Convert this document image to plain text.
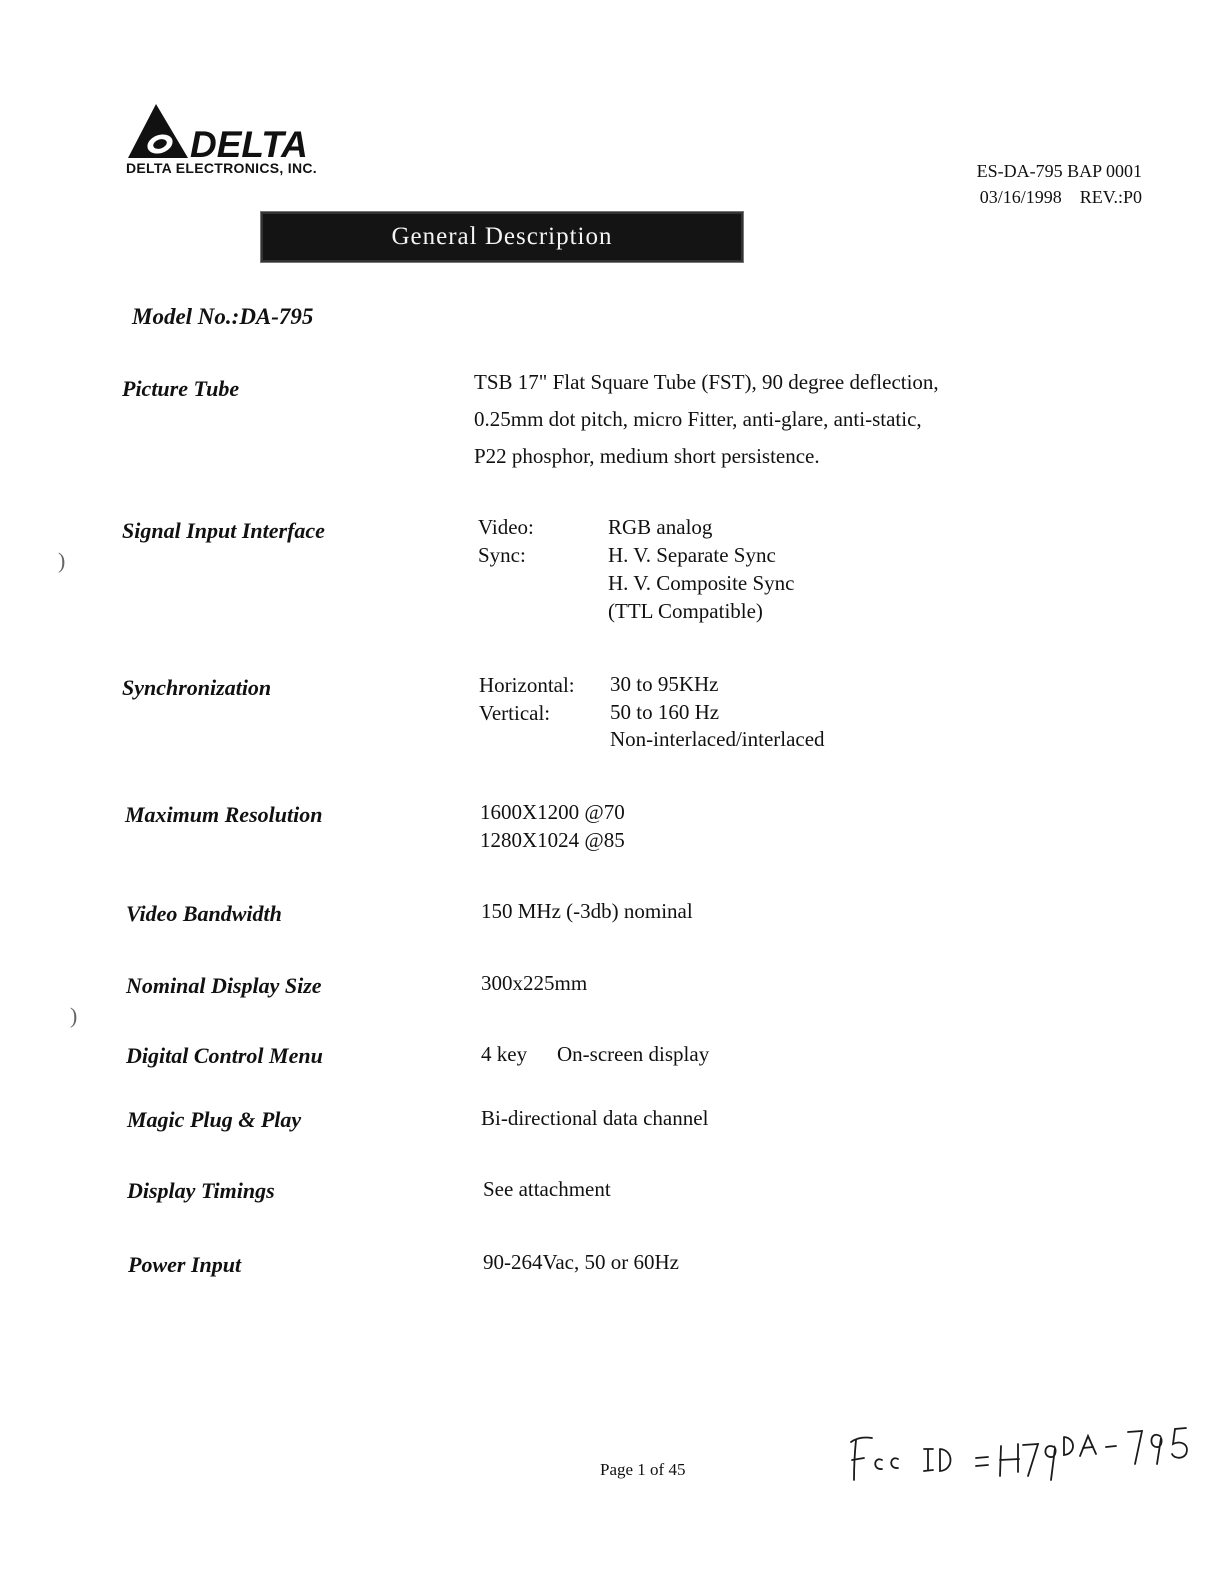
DELTA
DELTA ELECTRONICS, INC.	ES-DA-795 BAP 0001
03/16/1998 REV.:P0
General Description
Model No.:DA-795
Picture Tube	TSB 17" Flat Square Tube (FST), 90 degree deflection,
0.25mm dot pitch, micro Fitter, anti-glare, anti-static,
P22 phosphor, medium short persistence.
Signal Input Interface	Video:	RGB analog
Sync:	H. V. Separate Sync
H. V. Composite Sync
(TTL Compatible)
Synchronization	Horizontal: 30 to 95KHz
Vertical:	50 to 160 Hz
Non-interlaced/interlaced
Maximum Resolution	1600X1200 @70
1280X1024 @85
Video Bandwidth	150 MHz (-3db) nominal
Nominal Display Size	300x225mm
Digital Control Menu	4 key On-screen display
Magic Plug & Play	Bi-directional data channel
Display Timings	See attachment
Power Input	90-264Vac, 50 or 60Hz
)
)
Page 1 of 45
